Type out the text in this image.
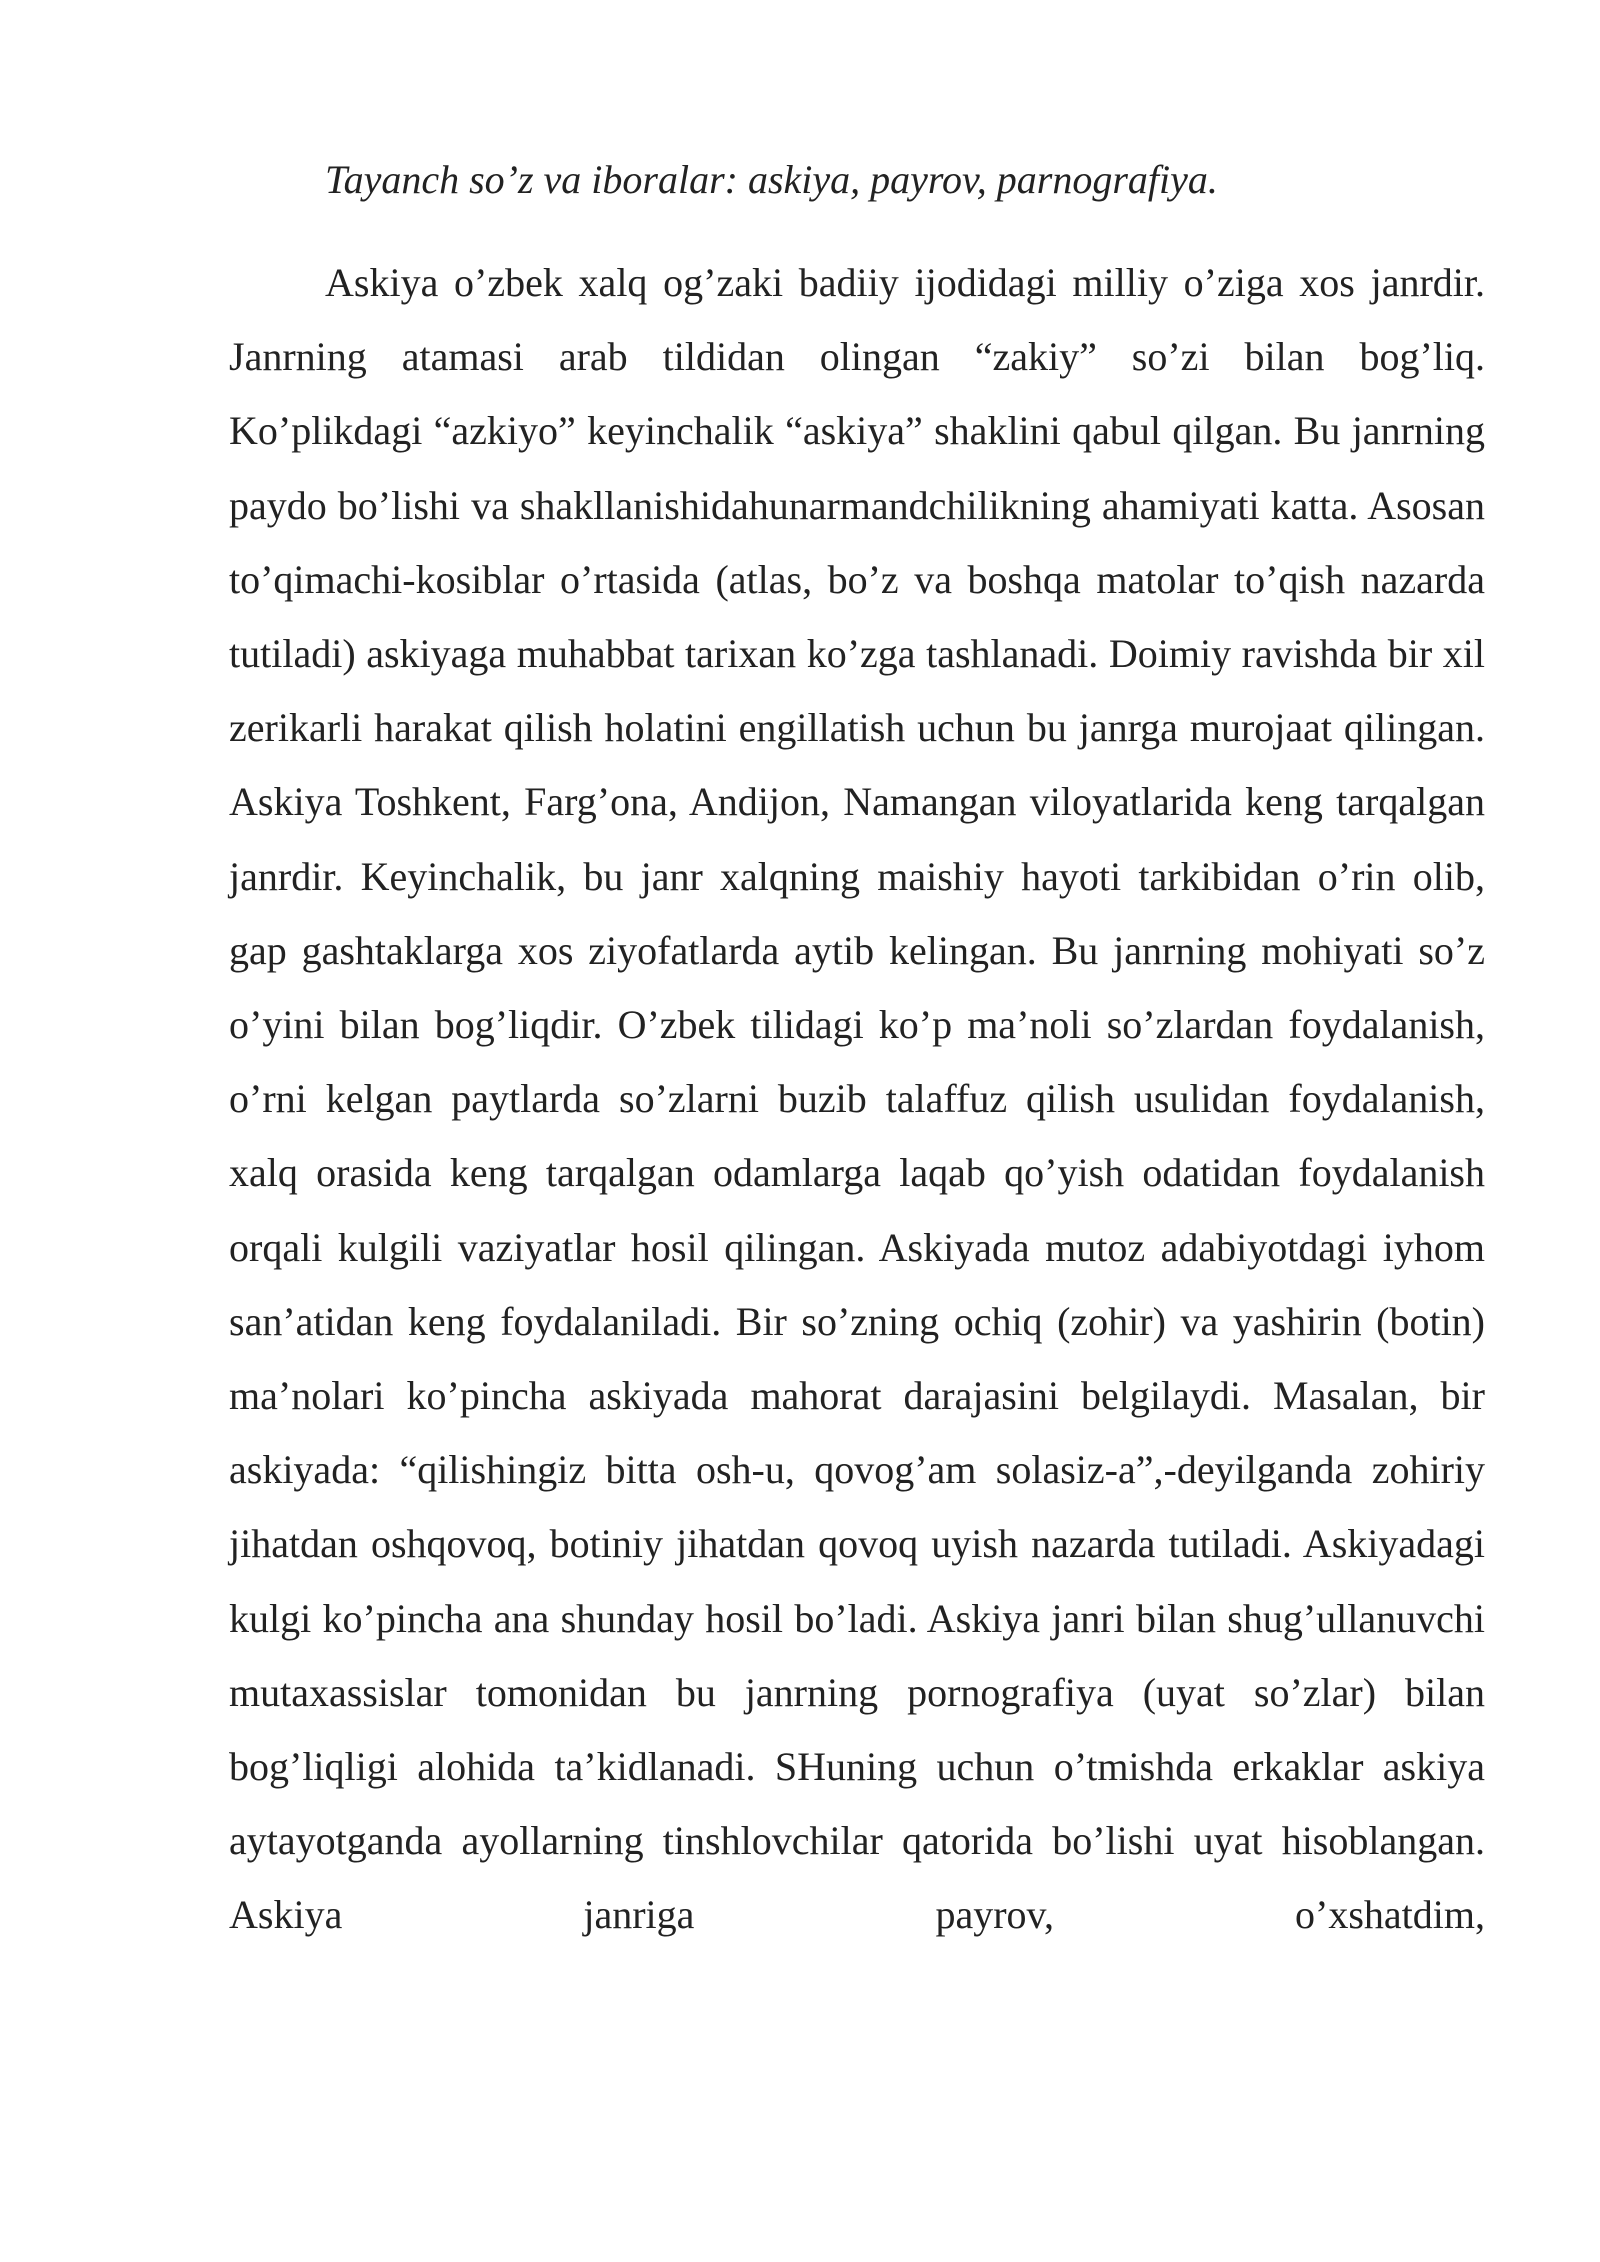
Tayanch so’z va iboralar: askiya, payrov, parnografiya.

Askiya o’zbek xalq og’zaki badiiy ijodidagi milliy o’ziga xos janrdir. Janrning atamasi arab tildidan olingan “zakiy” so’zi bilan bog’liq. Ko’plikdagi “azkiyo” keyinchalik “askiya” shaklini qabul qilgan. Bu janrning paydo bo’lishi va shakllanishidahunarmandchilikning ahamiyati katta. Asosan to’qimachi-kosiblar o’rtasida (atlas, bo’z va boshqa matolar to’qish nazarda tutiladi) askiyaga muhabbat tarixan ko’zga tashlanadi. Doimiy ravishda bir xil zerikarli harakat qilish holatini engillatish uchun bu janrga murojaat qilingan. Askiya Toshkent, Farg’ona, Andijon, Namangan viloyatlarida keng tarqalgan janrdir. Keyinchalik, bu janr xalqning maishiy hayoti tarkibidan o’rin olib, gap gashtaklarga xos ziyofatlarda aytib kelingan. Bu janrning mohiyati so’z o’yini bilan bog’liqdir. O’zbek tilidagi ko’p ma’noli so’zlardan foydalanish, o’rni kelgan paytlarda so’zlarni buzib talaffuz qilish usulidan foydalanish, xalq orasida keng tarqalgan odamlarga laqab qo’yish odatidan foydalanish orqali kulgili vaziyatlar hosil qilingan. Askiyada mutoz adabiyotdagi iyhom san’atidan keng foydalaniladi. Bir so’zning ochiq (zohir) va yashirin (botin) ma’nolari ko’pincha askiyada mahorat darajasini belgilaydi. Masalan, bir askiyada: “qilishingiz bitta osh-u, qovog’am solasiz-a”,-deyilganda zohiriy jihatdan oshqovoq, botiniy jihatdan qovoq uyish nazarda tutiladi. Askiyadagi kulgi ko’pincha ana shunday hosil bo’ladi. Askiya janri bilan shug’ullanuvchi mutaxassislar tomonidan bu janrning pornografiya (uyat so’zlar) bilan bog’liqligi alohida ta’kidlanadi. SHuning uchun o’tmishda erkaklar askiya aytayotganda ayollarning tinshlovchilar qatorida bo’lishi uyat hisoblangan. Askiya janriga payrov, o’xshatdim,
